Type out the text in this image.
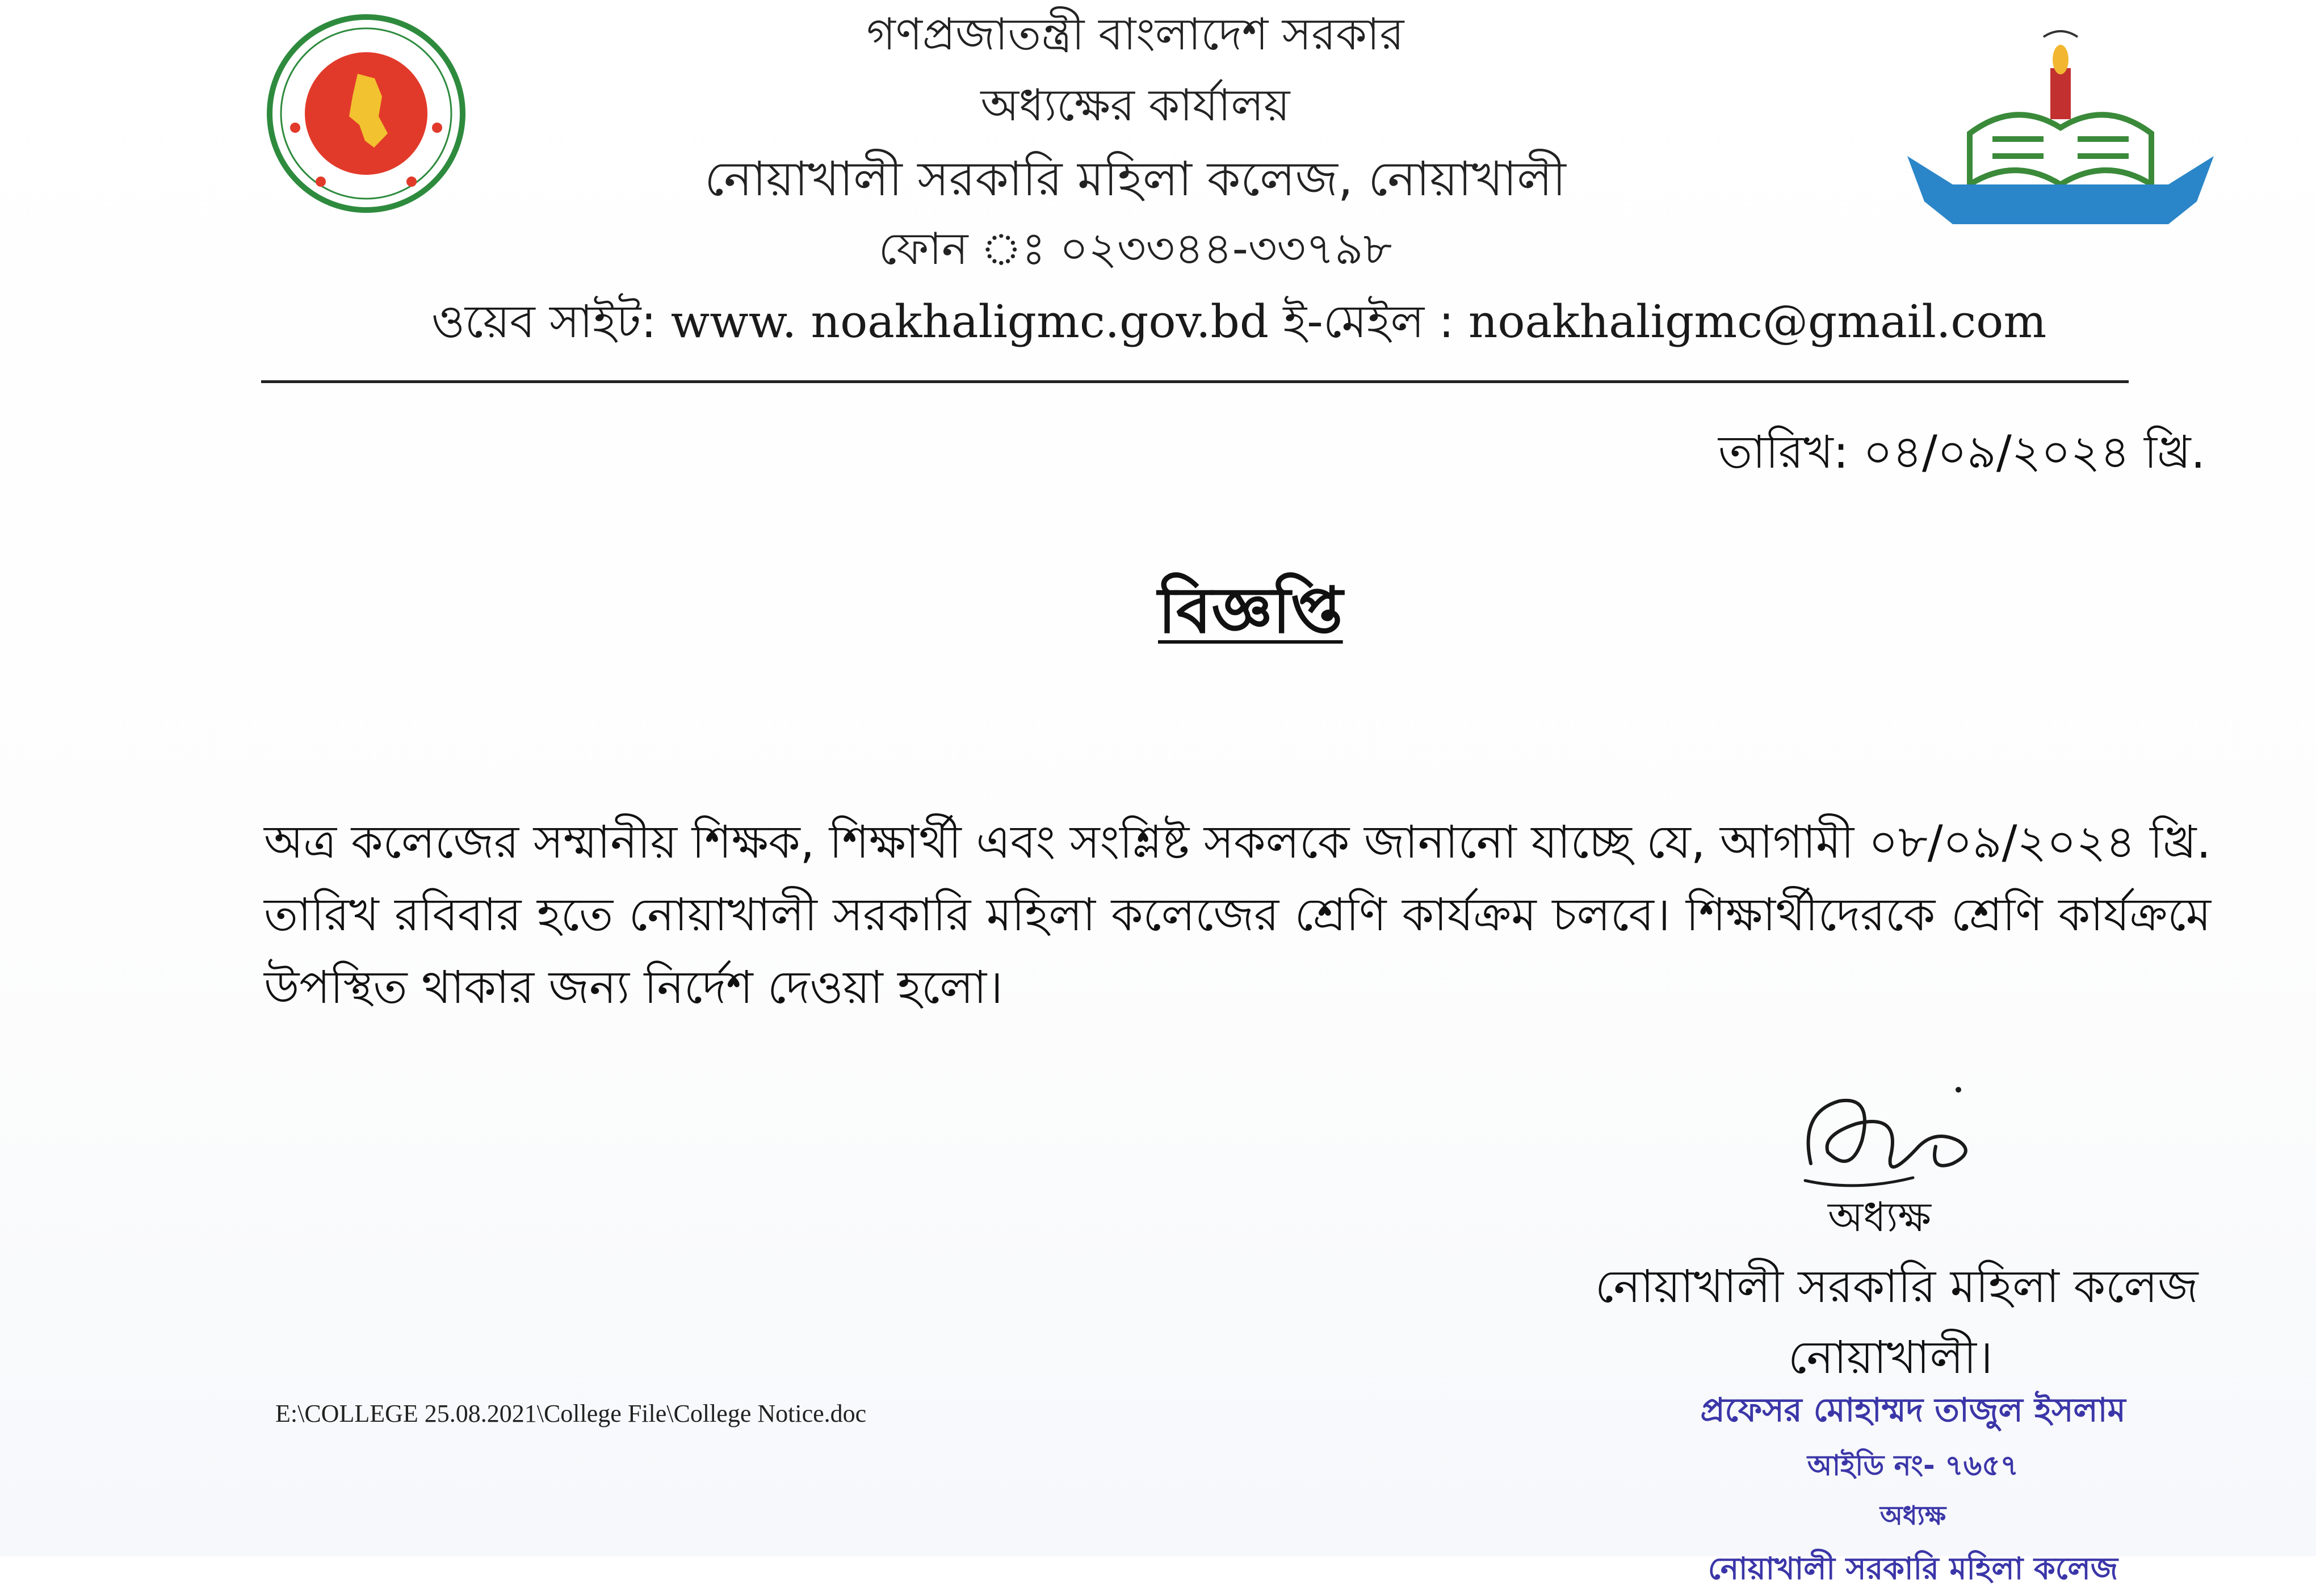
গণপ্রজাতন্ত্রী বাংলাদেশ সরকার
অধ্যক্ষের কার্যালয়
নোয়াখালী সরকারি মহিলা কলেজ, নোয়াখালী
ফোন ঃ ০২৩৩৪৪-৩৩৭৯৮
ওয়েব সাইট: www. noakhaligmc.gov.bd ই-মেইল : noakhaligmc@gmail.com
তারিখ: ০৪/০৯/২০২৪ খ্রি.
বিজ্ঞপ্তি
অত্র কলেজের সম্মানীয় শিক্ষক, শিক্ষার্থী এবং সংশ্লিষ্ট সকলকে জানানো যাচ্ছে যে, আগামী ০৮/০৯/২০২৪ খ্রি. তারিখ রবিবার হতে নোয়াখালী সরকারি মহিলা কলেজের শ্রেণি কার্যক্রম চলবে। শিক্ষার্থীদেরকে শ্রেণি কার্যক্রমে উপস্থিত থাকার জন্য নির্দেশ দেওয়া হলো।
অধ্যক্ষ
নোয়াখালী সরকারি মহিলা কলেজ
নোয়াখালী।
E:\COLLEGE 25.08.2021\College File\College Notice.doc	প্রফেসর মোহাম্মদ তাজুল ইসলাম
আইডি নং- ৭৬৫৭
অধ্যক্ষ
নোয়াখালী সরকারি মহিলা কলেজ
